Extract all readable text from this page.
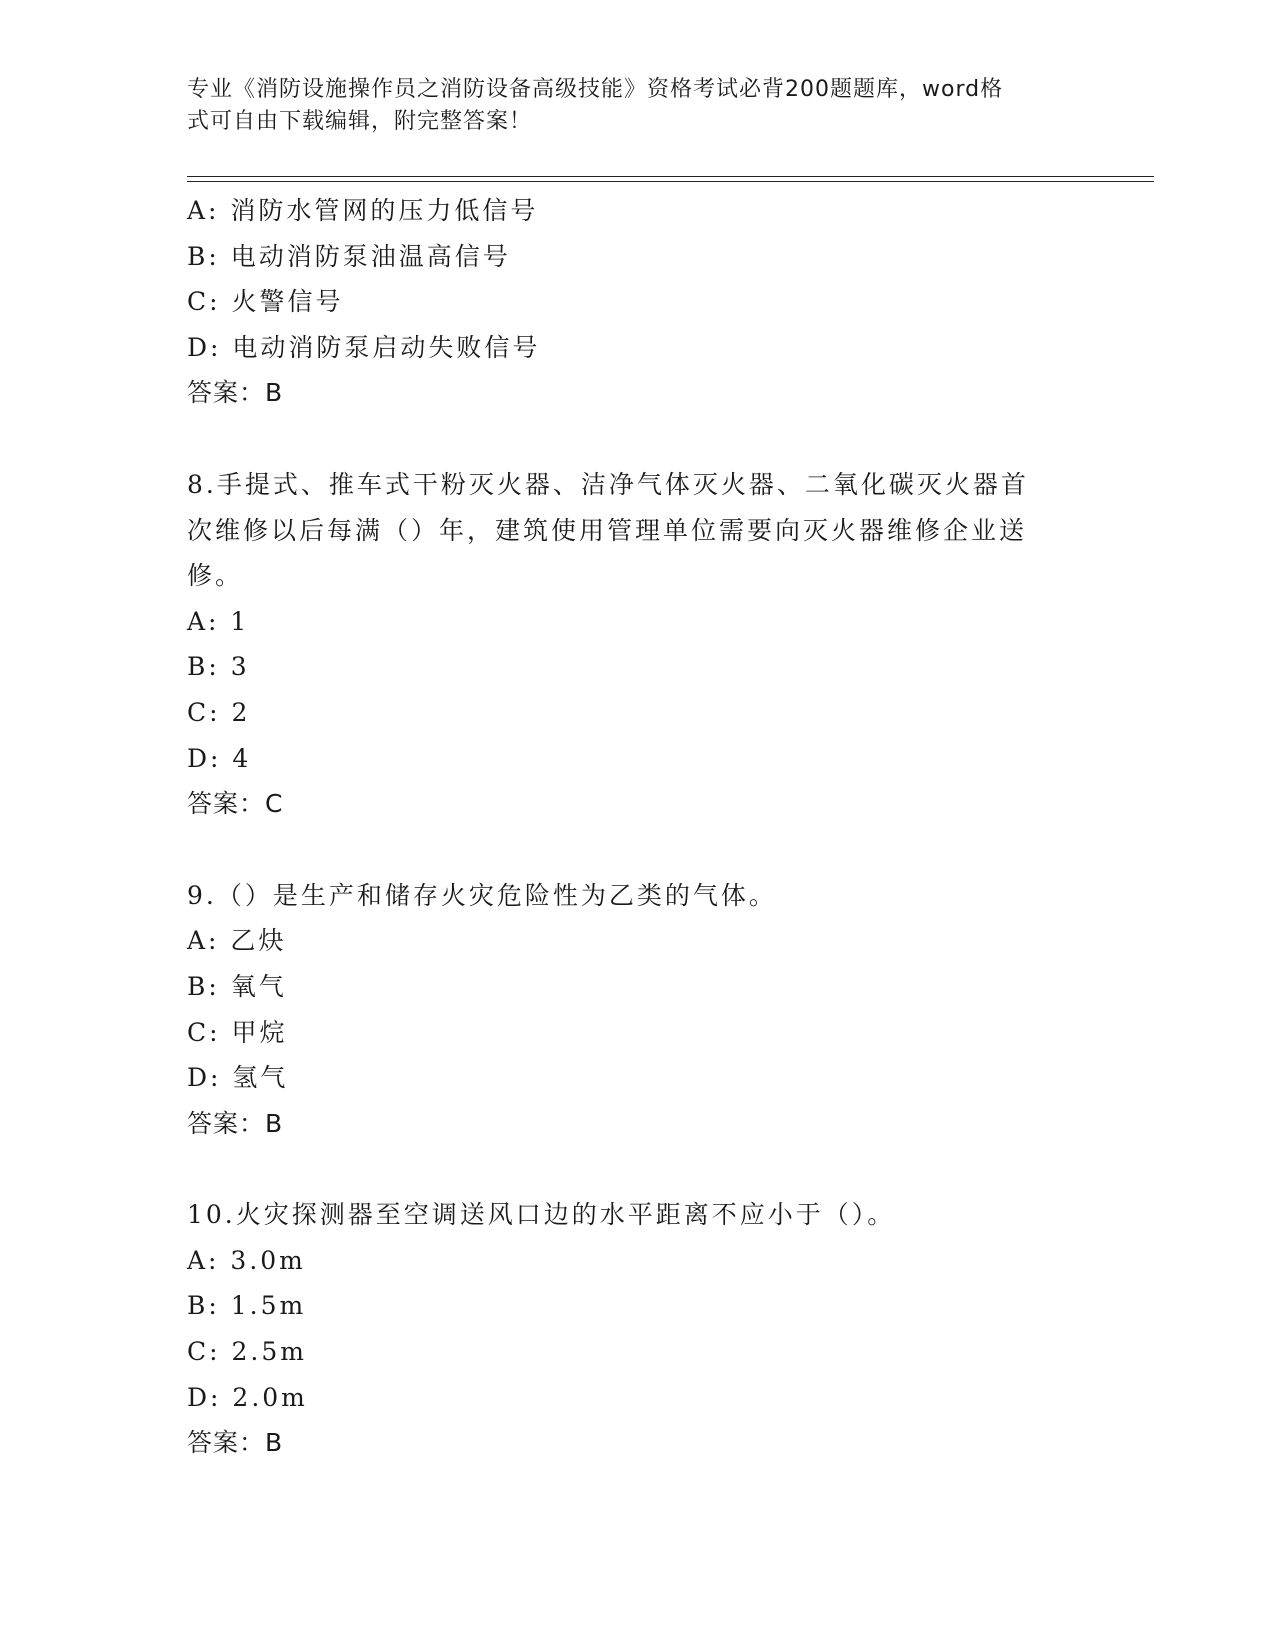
专业《消防设施操作员之消防设备高级技能》资格考试必背200题题库，word格
式可自由下载编辑，附完整答案！
A: 消防水管网的压力低信号
B: 电动消防泵油温高信号
C: 火警信号
D: 电动消防泵启动失败信号
答案：B
8.手提式、推车式干粉灭火器、洁净气体灭火器、二氧化碳灭火器首
次维修以后每满（）年，建筑使用管理单位需要向灭火器维修企业送
修。
A: 1
B: 3
C: 2
D: 4
答案：C
9.（）是生产和储存火灾危险性为乙类的气体。
A: 乙炔
B: 氧气
C: 甲烷
D: 氢气
答案：B
10.火灾探测器至空调送风口边的水平距离不应小于（）。
A: 3.0m
B: 1.5m
C: 2.5m
D: 2.0m
答案：B
